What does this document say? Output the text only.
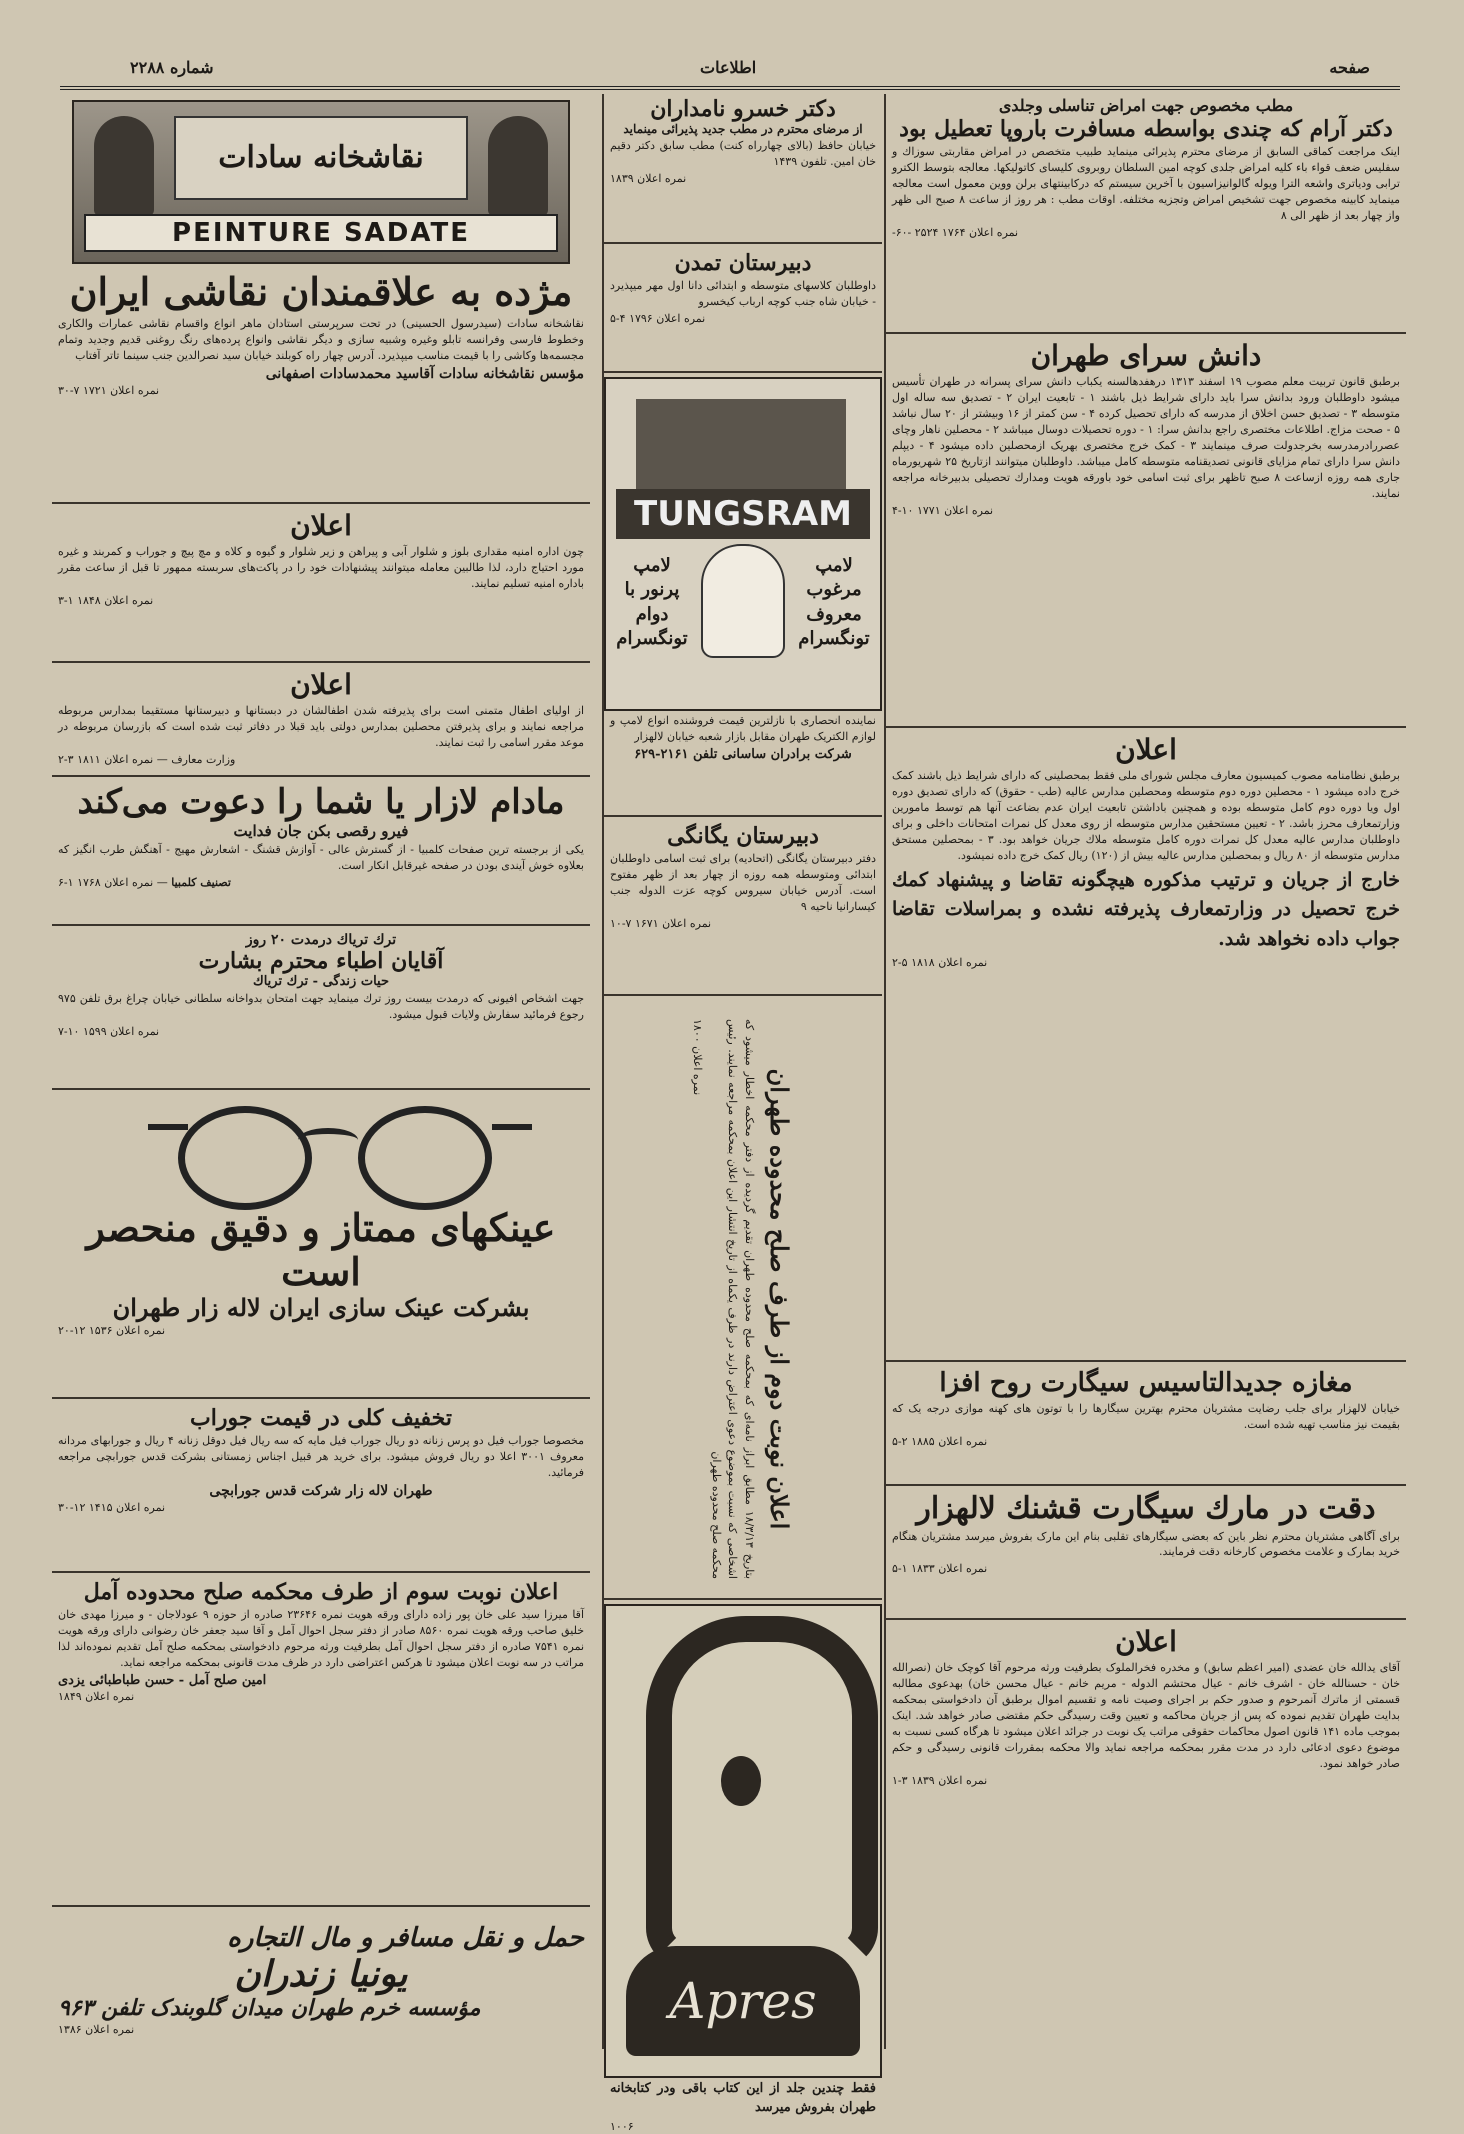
شماره ۲۲۸۸	اطلاعات	صفحه
مطب مخصوص جهت امراض تناسلی وجلدی
دکتر آرام که چندی بواسطه مسافرت باروپا تعطیل بود

اینک مراجعت کماقی السابق از مرضای محترم پذیرائی مینماید طبیب متخصص در امراض مقاربتی سوزاك و سفلیس ضعف قواء باء کلیه امراض جلدی کوچه امین السلطان روبروی کلیسای کاتولیکها. معالجه بتوسط الکترو ترابی ودیاتری واشعه الترا ویوله گالوانیزاسیون با آخرین سیستم که درکابینتهای برلن ووین معمول است معالجه مینماید کابینه مخصوص جهت تشخیص امراض وتجزیه مختلفه. اوقات مطب : هر روز از ساعت ۸ صبح الی ظهر واز چهار بعد از ظهر الی ۸

نمره اعلان ۱۷۶۴ ۲۵۲۴ -۶۰-
دانش سرای طهران

برطبق قانون تربیت معلم مصوب ۱۹ اسفند ۱۳۱۳ درهفدهالسنه یکباب دانش سرای پسرانه در طهران تأسیس میشود داوطلبان ورود بدانش سرا باید دارای شرایط ذیل باشند ۱ - تابعیت ایران ۲ - تصدیق سه ساله اول متوسطه ۳ - تصدیق حسن اخلاق از مدرسه که دارای تحصیل کرده ۴ - سن کمتر از ۱۶ وبیشتر از ۲۰ سال نباشد ۵ - صحت مزاج. اطلاعات مختصری راجع بدانش سرا: ۱ - دوره تحصیلات دوسال میباشد ۲ - محصلین ناهار وچای عصررادرمدرسه بخرجدولت صرف مینمایند ۳ - کمک خرج مختصری بهریک ازمحصلین داده میشود ۴ - دیپلم دانش سرا دارای تمام مزایای قانونی تصدیقنامه متوسطه کامل میباشد. داوطلبان میتوانند ازتاریخ ۲۵ شهریورماه جاری همه روزه ازساعت ۸ صبح تاظهر برای ثبت اسامی خود باورقه هویت ومدارك تحصیلی بدبیرخانه مراجعه نمایند.

نمره اعلان ۱۷۷۱ ۱۰-۴
اعلان

برطبق نظامنامه مصوب کمیسیون معارف مجلس شورای ملی فقط بمحصلینی که دارای شرایط ذیل باشند کمک خرج داده میشود ۱ - محصلین دوره دوم متوسطه ومحصلین مدارس عالیه (طب - حقوق) که دارای تصدیق دوره اول ویا دوره دوم کامل متوسطه بوده و همچنین باداشتن تابعیت ایران عدم بضاعت آنها هم توسط مامورین وزارتمعارف محرز باشد. ۲ - تعیین مستحقین مدارس متوسطه از روی معدل کل نمرات امتحانات داخلی و برای داوطلبان مدارس عالیه معدل کل نمرات دوره کامل متوسطه ملاك جریان خواهد بود. ۳ - بمحصلین مستحق مدارس متوسطه از ۸۰ ریال و بمحصلین مدارس عالیه بیش از (۱۲۰) ریال کمک خرج داده نمیشود.

خارج از جریان و ترتیب مذکوره هیچگونه تقاضا و پیشنهاد کمك خرج تحصیل در وزارتمعارف پذیرفته نشده و بمراسلات تقاضا جواب داده نخواهد شد.

نمره اعلان ۱۸۱۸ ۵-۲
مغازه جدیدالتاسیس سیگارت روح افزا

خیابان لالهزار برای جلب رضایت مشتریان محترم بهترین سیگارها را با توتون های کهنه موازی درجه یک که بقیمت نیز مناسب تهیه شده است.

نمره اعلان ۱۸۸۵ ۲-۵
دقت در مارك سیگارت قشنك لالهزار

برای آگاهی مشتریان محترم نظر باین که بعضی سیگارهای تقلبی بنام این مارک بفروش میرسد مشتریان هنگام خرید بمارک و علامت مخصوص کارخانه دقت فرمایند.

نمره اعلان ۱۸۳۳ ۱-۵
اعلان

آقای یدالله خان عضدی (امیر اعظم سابق) و مخدره فخرالملوک بطرفیت ورثه مرحوم آقا کوچک خان (نصرالله خان - حسنالله خان - اشرف خانم - عیال محتشم الدوله - مریم خانم - عیال محسن خان) بهدعوی مطالبه قسمتی از ماترك آنمرحوم و صدور حکم بر اجرای وصیت نامه و تقسیم اموال برطبق آن دادخواستی بمحکمه بدایت طهران تقدیم نموده که پس از جریان محاکمه و تعیین وقت رسیدگی حکم مقتضی صادر خواهد شد. اینک بموجب ماده ۱۴۱ قانون اصول محاکمات حقوقی مراتب یک نوبت در جرائد اعلان میشود تا هرگاه کسی نسبت به موضوع دعوی ادعائی دارد در مدت مقرر بمحکمه مراجعه نماید والا محکمه بمقررات قانونی رسیدگی و حکم صادر خواهد نمود.

نمره اعلان ۱۸۳۹ ۳-۱
دکتر خسرو نامداران
از مرضای محترم در مطب جدید پذیرائی مینماید

خیابان حافظ (بالای چهارراه کنت) مطب سابق دکتر دقیم خان امین. تلفون ۱۴۳۹

نمره اعلان ۱۸۳۹
دبیرستان تمدن

داوطلبان کلاسهای متوسطه و ابتدائی دانا اول مهر میپذیرد - خیابان شاه جنب کوچه ارباب کیخسرو

نمره اعلان ۱۷۹۶ ۴-۵
TUNGSRAM
لامپ پرنور با دوام تونگسرام
لامپ مرغوب معروف تونگسرام

نماینده انحصاری با نازلترین قیمت فروشنده انواع لامپ و لوازم الکتریک طهران مقابل بازار شعبه خیابان لالهزار

شرکت برادران ساسانی تلفن ۲۱۶۱-۶۲۹
دبیرستان یگانگی

دفتر دبیرستان یگانگی (اتحادیه) برای ثبت اسامی داوطلبان ابتدائی ومتوسطه همه روزه از چهار بعد از ظهر مفتوح است. آدرس خیابان سیروس کوچه عزت الدوله جنب کیسارانیا ناحیه ۹

نمره اعلان ۱۶۷۱ ۷-۱۰
اعلان نوبت دوم از طرف صلح محدوده طهران
بتاریخ ۱۸/۳/۱۳ مطابق ابراز نامه‌ای که بمحکمه صلح محدوده طهران تقدیم گردیده از دفتر محکمه اخطار میشود که اشخاصی که نسبت بموضوع دعوی اعتراض دارند در ظرف یکماه از تاریخ انتشار این اعلان بمحکمه مراجعه نمایند. رئیس محکمه صلح محدوده طهران
نمره اعلان ۱۸۰۰
Apres

فقط چندین جلد از این کتاب باقی ودر کتابخانه طهران بفروش میرسد

۱۰۰۶
نقاشخانه سادات
PEINTURE SADATE
مژده به علاقمندان نقاشی ایران

نقاشخانه سادات (سیدرسول الحسینی) در تحت سرپرستی استادان ماهر انواع واقسام نقاشی عمارات والکاری وخطوط فارسی وفرانسه تابلو وغیره وشبیه سازی و دیگر نقاشی وانواع پرده‌های رنگ روغنی قدیم وجدید وتمام مجسمه‌ها وکاشی را با قیمت مناسب میپذیرد. آدرس چهار راه کوبلند خیابان سید نصرالدین جنب سینما تاتر آفتاب

مؤسس نقاشخانه سادات آقاسید محمدسادات اصفهانی
نمره اعلان ۱۷۲۱ ۷-۳۰
اعلان

چون اداره امنیه مقداری بلوز و شلوار آبی و پیراهن و زیر شلوار و گیوه و کلاه و مچ پیچ و جوراب و کمربند و غیره مورد احتیاج دارد، لذا طالبین معامله میتوانند پیشنهادات خود را در پاکت‌های سربسته ممهور تا قبل از ساعت مقرر باداره امنیه تسلیم نمایند.

نمره اعلان ۱۸۴۸ ۱-۳
اعلان

از اولیای اطفال متمنی است برای پذیرفته شدن اطفالشان در دبستانها و دبیرستانها مستقیما بمدارس مربوطه مراجعه نمایند و برای پذیرفتن محصلین بمدارس دولتی باید قبلا در دفاتر ثبت شده است که بازرسان مربوطه در موعد مقرر اسامی را ثبت نمایند.

وزارت معارف — نمره اعلان ۱۸۱۱ ۳-۲
مادام لازار یا شما را دعوت می‌کند
فیرو رقصی بکن جان فدایت

یکی از برجسته ترین صفحات کلمبیا - از گسترش عالی - آوازش قشنگ - اشعارش مهیج - آهنگش طرب انگیز که بعلاوه خوش آیندی بودن در صفحه غیرقابل انکار است.

تصنیف کلمبیا — نمره اعلان ۱۷۶۸ ۱-۶
ترك تریاك درمدت ۲۰ روز
آقایان اطباء محترم بشارت
حیات زندگی - ترك تریاك

جهت اشخاص افیونی که درمدت بیست روز ترك مینماید جهت امتحان بدواخانه سلطانی خیابان چراغ برق تلفن ۹۷۵ رجوع فرمائید سفارش ولایات قبول میشود.

نمره اعلان ۱۵۹۹ ۱۰-۷
عینکهای ممتاز و دقیق منحصر است
بشرکت عینک سازی ایران لاله زار طهران
نمره اعلان ۱۵۳۶ ۱۲-۲۰
تخفیف کلی در قیمت جوراب

مخصوصا جوراب فیل دو پرس زنانه دو ریال جوراب فیل مایه که سه ریال فیل دوقل زنانه ۴ ریال و جورابهای مردانه معروف ۳۰۰۱ اعلا دو ریال فروش میشود. برای خرید هر قبیل اجناس زمستانی بشرکت قدس جورابچی مراجعه فرمائید.

طهران لاله زار شرکت قدس جورابچی
نمره اعلان ۱۴۱۵ ۱۲-۳۰
اعلان نوبت سوم از طرف محکمه صلح محدوده آمل

آقا میرزا سید علی خان پور زاده دارای ورقه هویت نمره ۲۳۶۴۶ صادره از حوزه ۹ عودلاجان - و میرزا مهدی خان خلیق صاحب ورقه هویت نمره ۸۵۶۰ صادر از دفتر سجل احوال آمل و آقا سید جعفر خان رضوانی دارای ورقه هویت نمره ۷۵۴۱ صادره از دفتر سجل احوال آمل بطرفیت ورثه مرحوم دادخواستی بمحکمه صلح آمل تقدیم نموده‌اند لذا مراتب در سه نوبت اعلان میشود تا هرکس اعتراضی دارد در ظرف مدت قانونی بمحکمه مراجعه نماید.

امین صلح آمل - حسن طباطبائی یزدی
نمره اعلان ۱۸۴۹
حمل و نقل مسافر و مال التجاره
یونیا زندران
مؤسسه خرم طهران میدان گلوبندک تلفن ۹۶۳
نمره اعلان ۱۳۸۶
